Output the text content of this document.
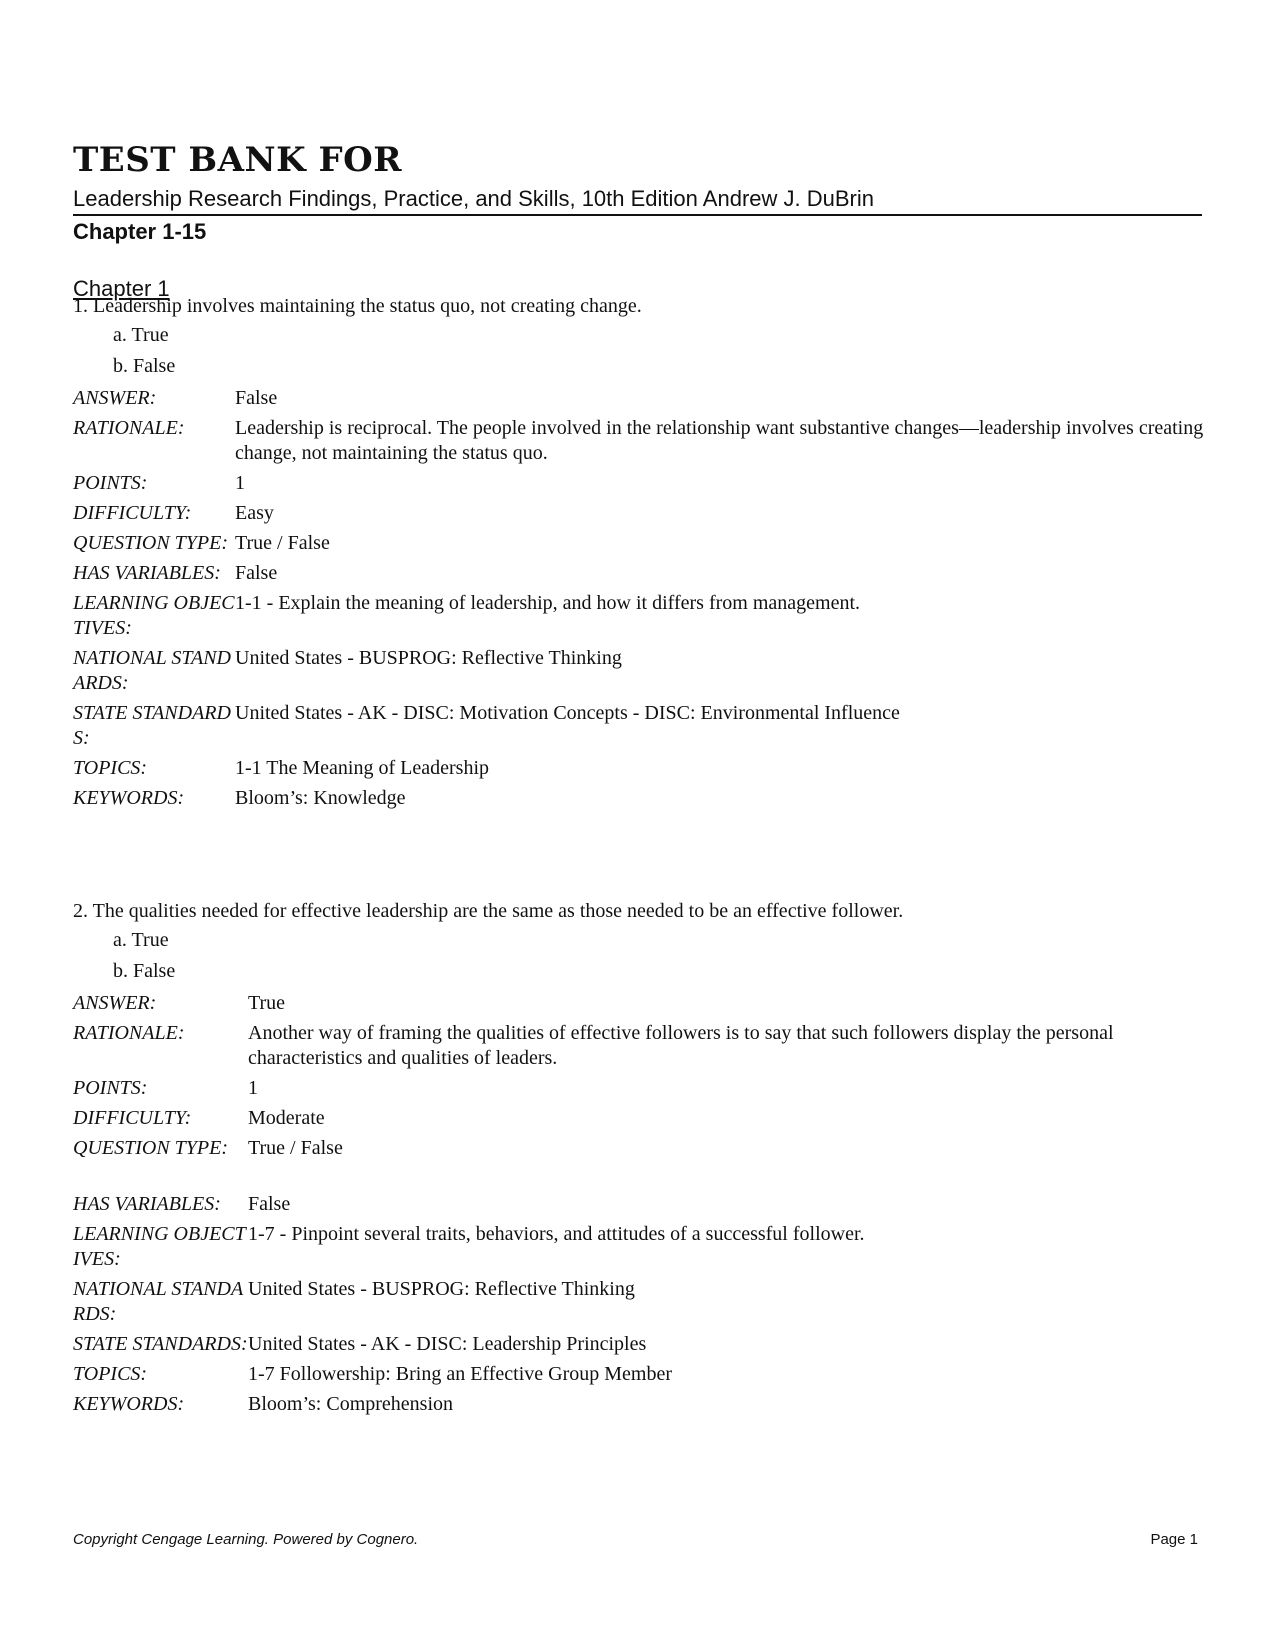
TEST BANK FOR
Leadership Research Findings, Practice, and Skills, 10th Edition Andrew J. DuBrin
Chapter 1-15
Chapter 1
1. Leadership involves maintaining the status quo, not creating change.
a. True
b. False
ANSWER:	False
RATIONALE:	Leadership is reciprocal. The people involved in the relationship want substantive changes—leadership involves creating change, not maintaining the status quo.
POINTS:	1
DIFFICULTY:	Easy
QUESTION TYPE: True / False
HAS VARIABLES: False
LEARNING OBJECTIVES:
1-1 - Explain the meaning of leadership, and how it differs from management.
NATIONAL STANDARDS:
United States - BUSPROG: Reflective Thinking
STATE STANDARDS:
United States - AK - DISC: Motivation Concepts - DISC: Environmental Influence
TOPICS:	1-1 The Meaning of Leadership
KEYWORDS:	Bloom’s: Knowledge
2. The qualities needed for effective leadership are the same as those needed to be an effective follower.
a. True
b. False
ANSWER:	True
RATIONALE:	Another way of framing the qualities of effective followers is to say that such followers display the personal characteristics and qualities of leaders.
POINTS:	1
DIFFICULTY:	Moderate
QUESTION TYPE: True / False
HAS VARIABLES:	False
LEARNING OBJECTIVES:
1-7 - Pinpoint several traits, behaviors, and attitudes of a successful follower.
NATIONAL STANDARDS:
United States - BUSPROG: Reflective Thinking
STATE STANDARDS: United States - AK - DISC: Leadership Principles
TOPICS:	1-7 Followership: Bring an Effective Group Member
KEYWORDS:	Bloom’s: Comprehension
Copyright Cengage Learning. Powered by Cognero.	Page 1
